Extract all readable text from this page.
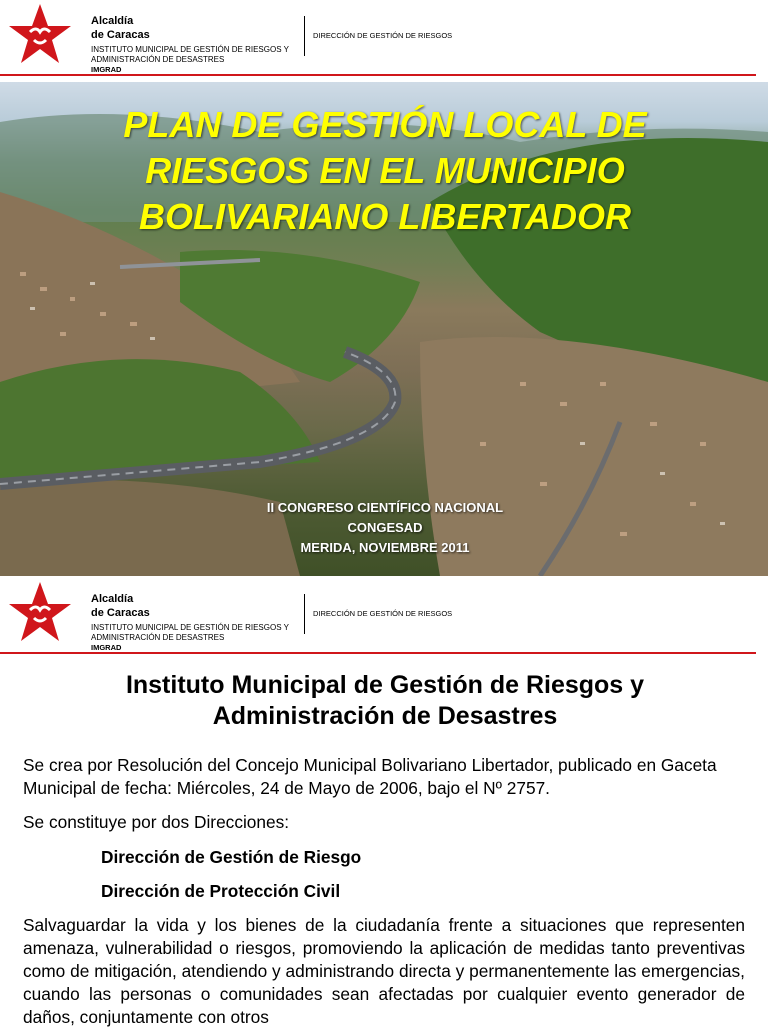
Alcaldía
de Caracas
INSTITUTO MUNICIPAL DE GESTIÓN DE RIESGOS Y ADMINISTRACIÓN DE DESASTRES
IMGRAD
DIRECCIÓN DE GESTIÓN DE RIESGOS
PLAN DE GESTIÓN LOCAL DE
RIESGOS EN EL MUNICIPIO
BOLIVARIANO LIBERTADOR
II CONGRESO CIENTÍFICO NACIONAL
CONGESAD
MERIDA, NOVIEMBRE 2011
Alcaldía
de Caracas
INSTITUTO MUNICIPAL DE GESTIÓN DE RIESGOS Y ADMINISTRACIÓN DE DESASTRES
IMGRAD
DIRECCIÓN DE GESTIÓN DE RIESGOS
Instituto Municipal de Gestión de Riesgos y
Administración de Desastres
Se crea por Resolución del Concejo Municipal Bolivariano Libertador, publicado en Gaceta Municipal de fecha: Miércoles, 24 de Mayo de 2006, bajo el Nº 2757.
Se constituye por dos Direcciones:
Dirección de Gestión de Riesgo
Dirección de Protección Civil
Salvaguardar la vida y los bienes de la ciudadanía frente a situaciones que representen amenaza, vulnerabilidad o riesgos, promoviendo la aplicación de medidas tanto preventivas como de mitigación, atendiendo y administrando directa y permanentemente las emergencias, cuando las personas o comunidades sean afectadas por cualquier evento generador de daños, conjuntamente con otros
